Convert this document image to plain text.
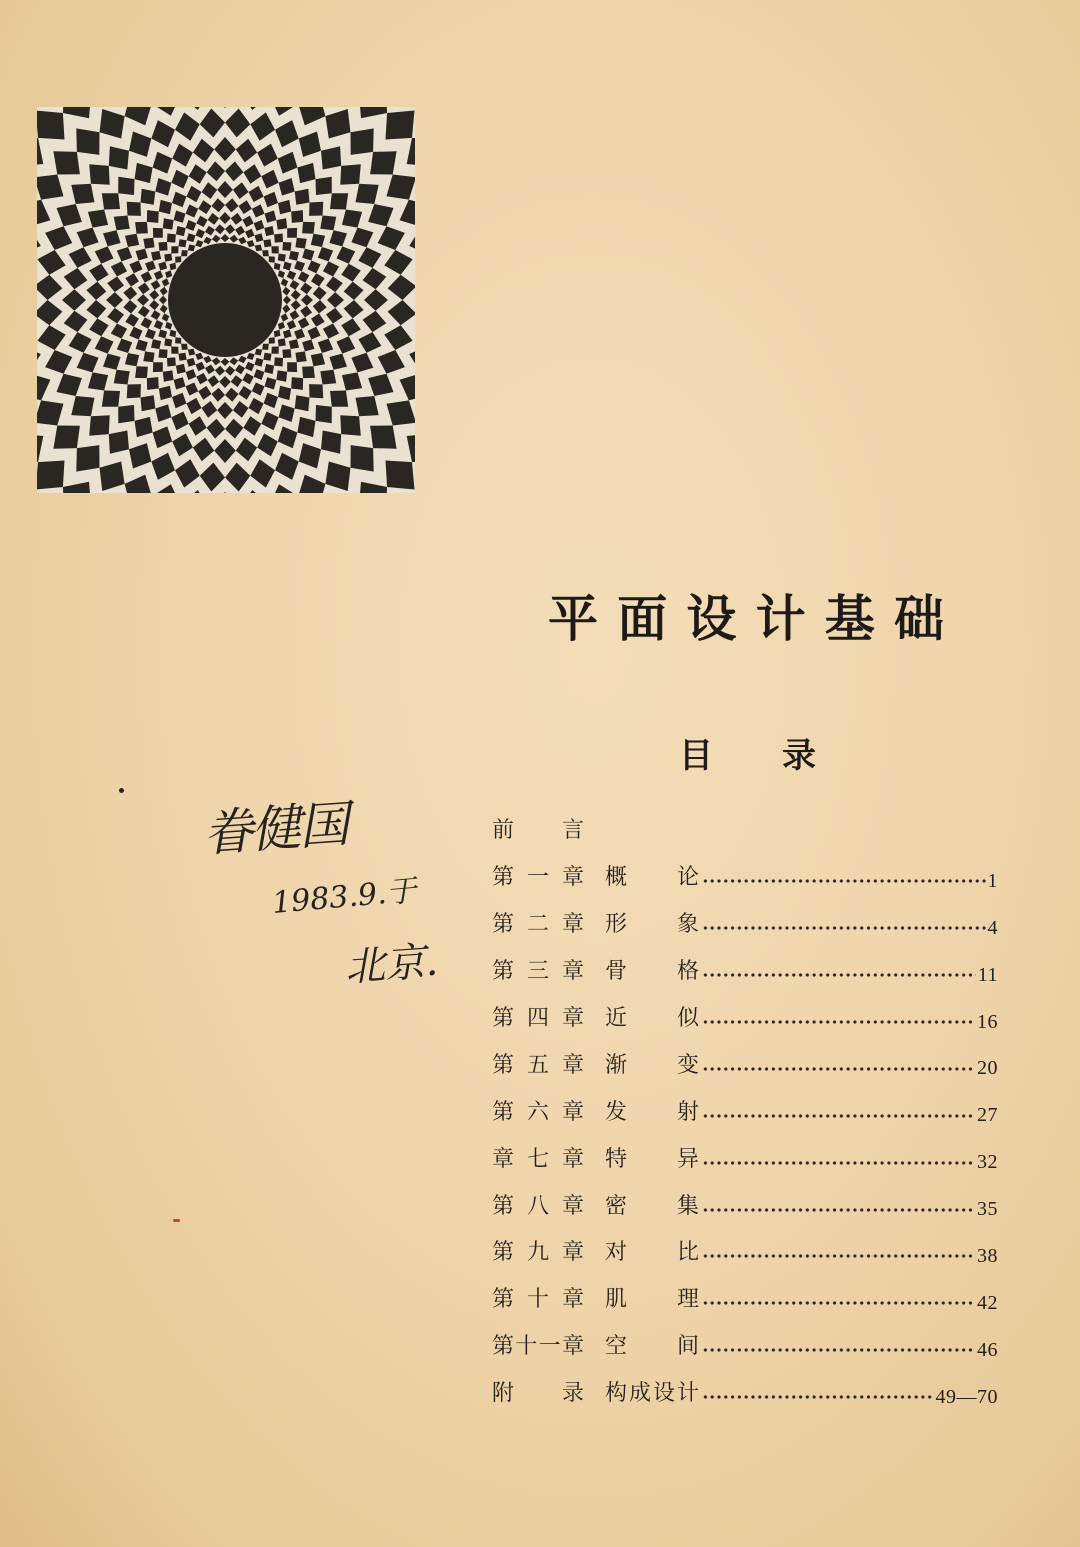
平面设计基础
目录
前言
第一章 概论	1
第二章 形象	4
第三章 骨格	11
第四章 近似	16
第五章 渐变	20
第六章 发射	27
章七章 特异	32
第八章 密集	35
第九章 对比	38
第十章 肌理	42
第十一章 空间	46
附录 构成设计	49—70
眷健国
1983.9.于
北京.
